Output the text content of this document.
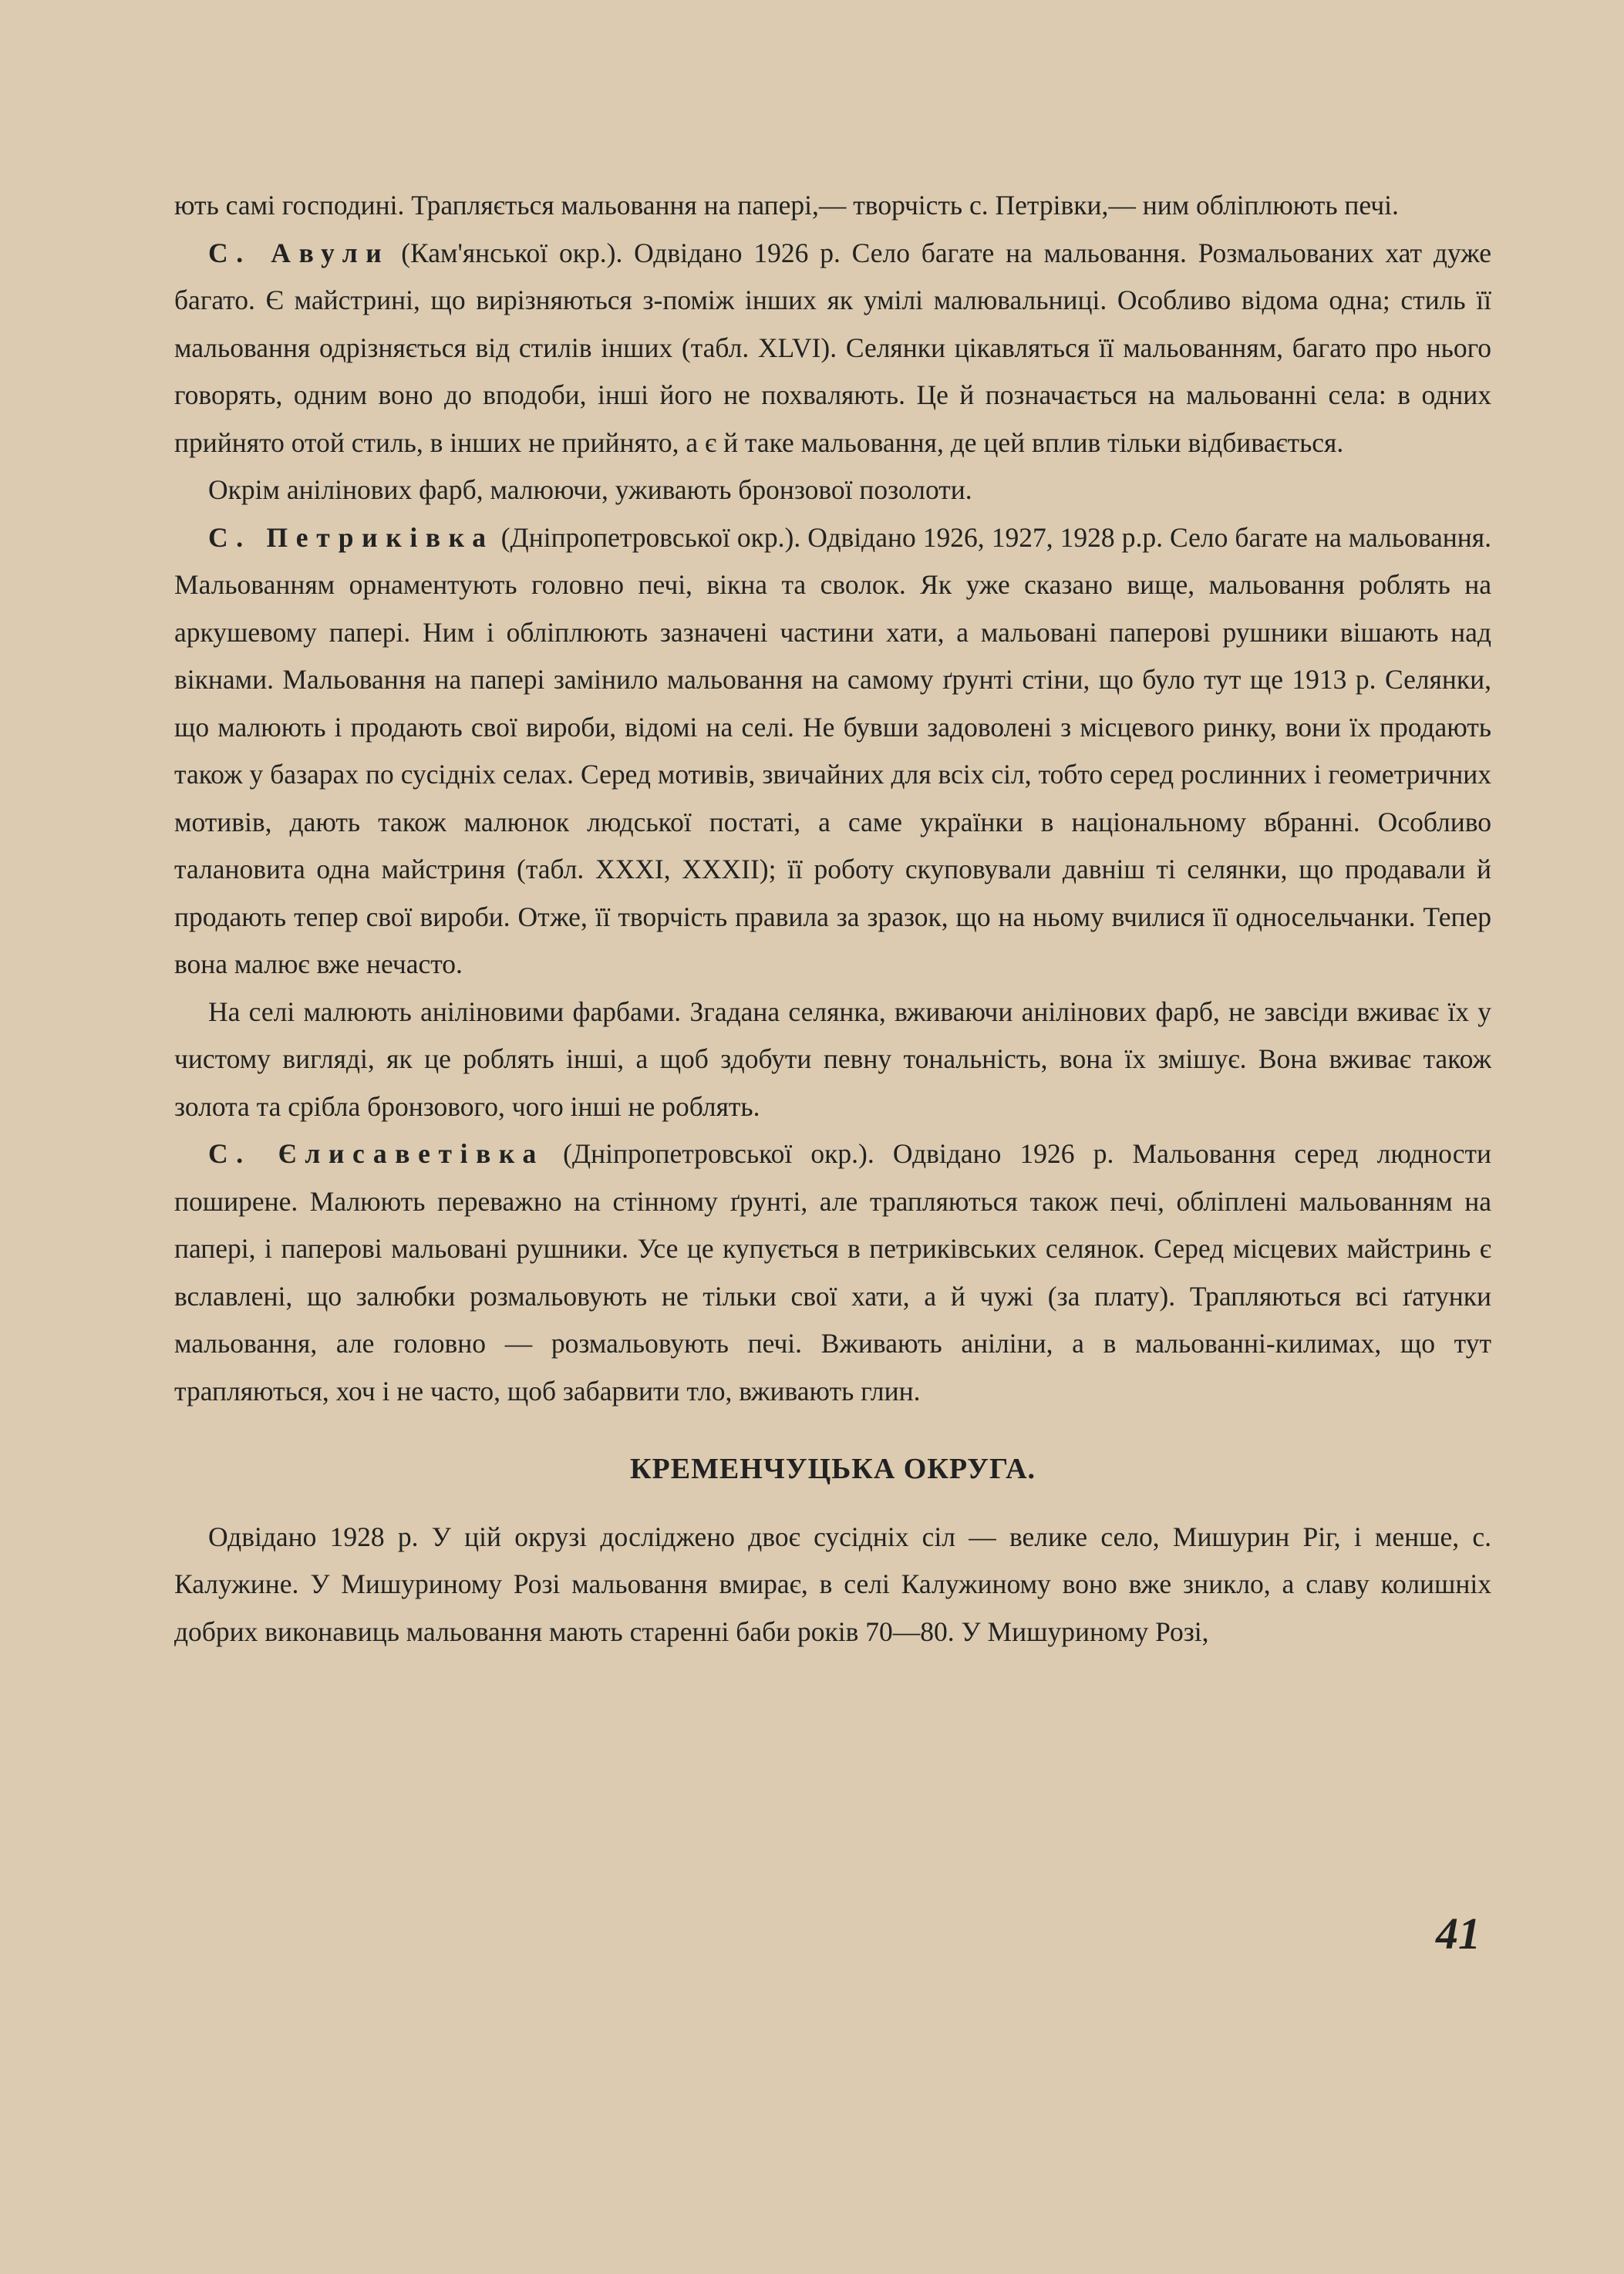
ють самі господині. Трапляється мальовання на папері,— творчість с. Петрівки,— ним обліплюють печі.

С. Авули (Кам'янської окр.). Одвідано 1926 р. Село багате на мальовання. Розмальованих хат дуже багато. Є майстрині, що вирізняються з-поміж інших як умілі малювальниці. Особливо відома одна; стиль її мальовання одрізняється від стилів інших (табл. XLVI). Селянки цікавляться її мальованням, багато про нього говорять, одним воно до вподоби, інші його не похваляють. Це й позначається на мальованні села: в одних прийнято отой стиль, в інших не прийнято, а є й таке мальовання, де цей вплив тільки відбивається.

Окрім аніліновиx фарб, малюючи, уживають бронзової позолоти.

С. Петриківка (Дніпропетровської окр.). Одвідано 1926, 1927, 1928 р.р. Село багате на мальовання. Мальованням орнаментують головно печі, вікна та сволок. Як уже сказано вище, мальовання роблять на аркушевому папері. Ним і обліплюють зазначені частини хати, а мальовані паперові рушники вішають над вікнами. Мальовання на папері замінило мальовання на самому ґрунті стіни, що було тут ще 1913 р. Селянки, що малюють і продають свої вироби, відомі на селі. Не бувши задоволені з місцевого ринку, вони їх продають також у базарах по сусідніх селах. Серед мотивів, звичайних для всіх сіл, тобто серед рослинних і геометричних мотивів, дають також малюнок людської постаті, а саме українки в національному вбранні. Особливо талановита одна майстриня (табл. XXXI, XXXII); її роботу скуповували давніш ті селянки, що продавали й продають тепер свої вироби. Отже, її творчість правила за зразок, що на ньому вчилися її односельчанки. Тепер вона малює вже нечасто.

На селі малюють аніліновими фарбами. Згадана селянка, вживаючи аніліновиx фарб, не завсіди вживає їх у чистому вигляді, як це роблять інші, а щоб здобути певну тональність, вона їх змішує. Вона вживає також золота та срібла бронзового, чого інші не роблять.

С. Єлисаветівка (Дніпропетровської окр.). Одвідано 1926 р. Мальовання серед людности поширене. Малюють переважно на стінному ґрунті, але трапляються також печі, обліплені мальованням на папері, і паперові мальовані рушники. Усе це купується в петриківських селянок. Серед місцевих майстринь є вславлені, що залюбки розмальовують не тільки свої хати, а й чужі (за плату). Трапляються всі ґатунки мальовання, але головно — розмальовують печі. Вживають аніліни, а в мальованні-килимах, що тут трапляються, хоч і не часто, щоб забарвити тло, вживають глин.

КРЕМЕНЧУЦЬКА ОКРУГА.

Одвідано 1928 р. У цій окрузі досліджено двоє сусідніх сіл — велике село, Мишурин Ріг, і менше, с. Калужине. У Мишуриному Розі мальовання вмирає, в селі Калужиному воно вже зникло, а славу колишніх добрих виконавиць мальовання мають старенні баби років 70—80. У Мишуриному Розі,

41
